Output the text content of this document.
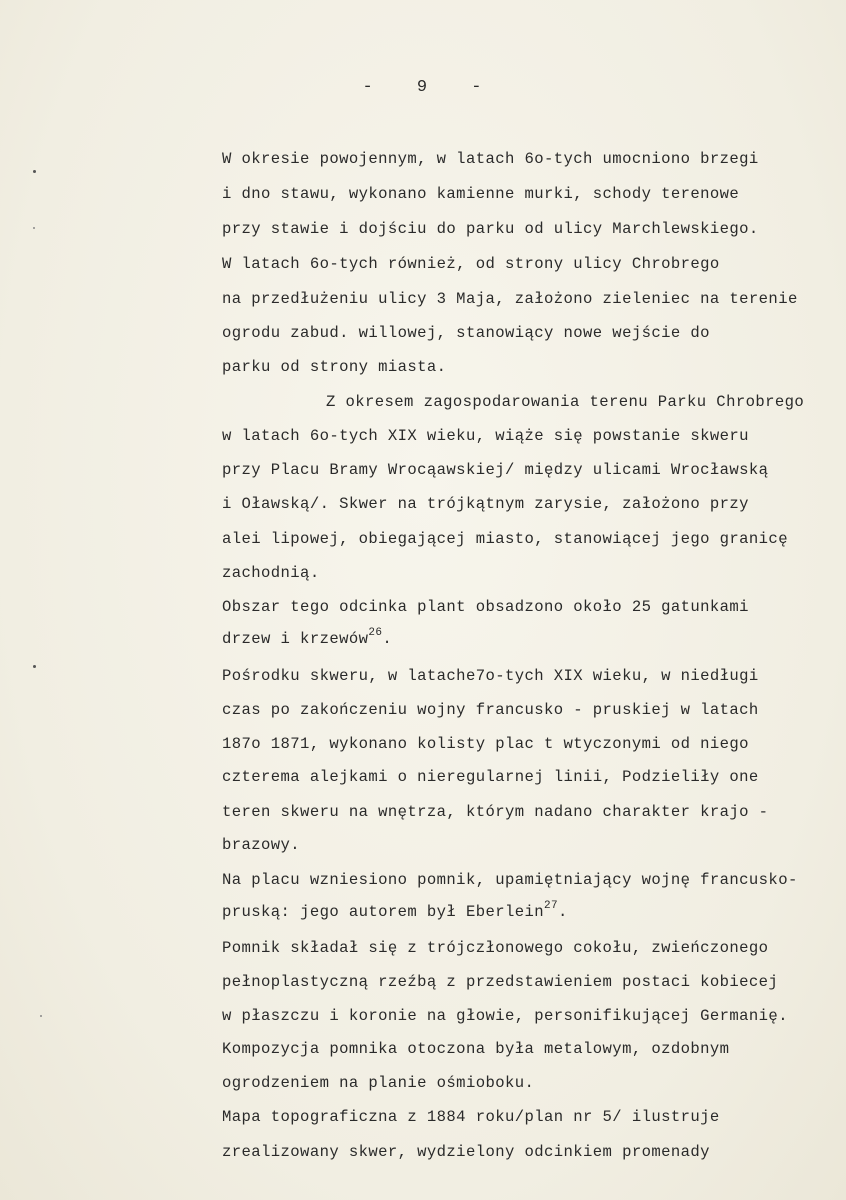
- 9 -
W okresie powojennym, w latach 6o-tych umocniono brzegi
i dno stawu, wykonano kamienne murki, schody terenowe
przy stawie i dojściu do parku od ulicy Marchlewskiego.
W latach 6o-tych również, od strony ulicy Chrobrego
na przedłużeniu ulicy 3 Maja, założono zieleniec na terenie
ogrodu zabud. willowej, stanowiący nowe wejście do
parku od strony miasta.
Z okresem zagospodarowania terenu Parku Chrobrego
w latach 6o-tych XIX wieku, wiąże się powstanie skweru
przy Placu Bramy Wrocąawskiej/ między ulicami Wrocławską
i Oławską/. Skwer na trójkątnym zarysie, założono przy
alei lipowej, obiegającej miasto, stanowiącej jego granicę
zachodnią.
Obszar tego odcinka plant obsadzono około 25 gatunkami
drzew i krzewów$^{26}$.
Pośrodku skweru, w latache7o-tych XIX wieku, w niedługi
czas po zakończeniu wojny francusko - pruskiej w latach
187o 1871, wykonano kolisty plac t wtyczonymi od niego
czterema alejkami o nieregularnej linii, Podzieliły one
teren skweru na wnętrza, którym nadano charakter krajo -
brazowy.
Na placu wzniesiono pomnik, upamiętniający wojnę francusko-
pruską: jego autorem był Eberlein$^{27}$.
Pomnik składał się z trójczłonowego cokołu, zwieńczonego
pełnoplastyczną rzeźbą z przedstawieniem postaci kobiecej
w płaszczu i koronie na głowie, personifikującej Germanię.
Kompozycja pomnika otoczona była metalowym, ozdobnym
ogrodzeniem na planie ośmioboku.
Mapa topograficzna z 1884 roku/plan nr 5/ ilustruje
zrealizowany skwer, wydzielony odcinkiem promenady
